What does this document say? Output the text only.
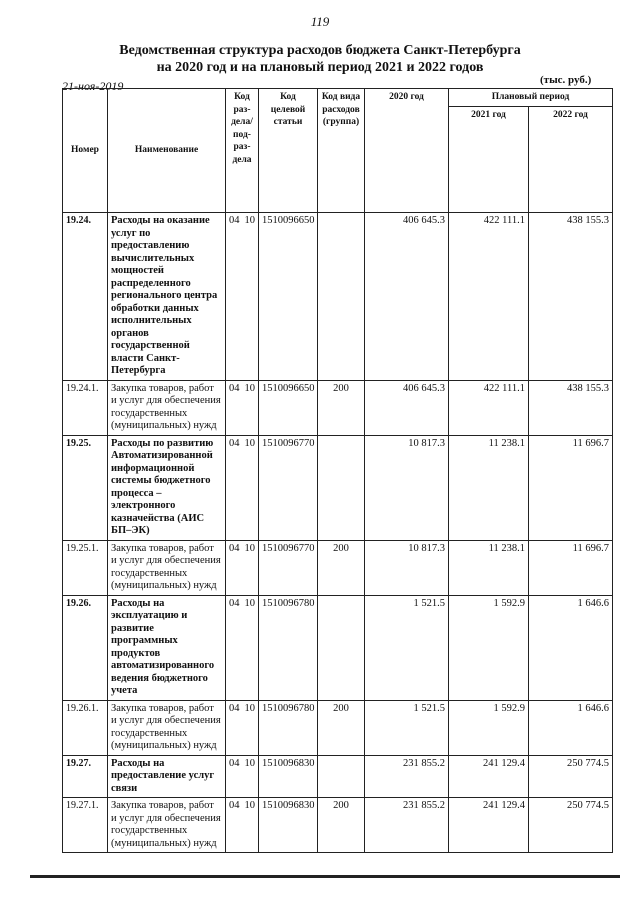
119
Ведомственная структура расходов бюджета Санкт-Петербурга
на 2020 год и на плановый период 2021 и 2022 годов
21-ноя-2019	(тыс. руб.)
Номер	Наименование	Код раз-дела/ под-раз-дела	Код целевой статьи	Код вида расходов (группа)	2020 год	Плановый период	
						2021 год	2022 год
19.24.	Расходы на оказание услуг по предоставлению вычислительных мощностей распределенного регионального центра обработки данных исполнительных органов государственной власти Санкт-Петербурга	04 10	1510096650		406 645.3	422 111.1	438 155.3
19.24.1.	Закупка товаров, работ и услуг для обеспечения государственных (муниципальных) нужд	04 10	1510096650	200	406 645.3	422 111.1	438 155.3
19.25.	Расходы по развитию Автоматизированной информационной системы бюджетного процесса – электронного казначейства (АИС БП–ЭК)	04 10	1510096770		10 817.3	11 238.1	11 696.7
19.25.1.	Закупка товаров, работ и услуг для обеспечения государственных (муниципальных) нужд	04 10	1510096770	200	10 817.3	11 238.1	11 696.7
19.26.	Расходы на эксплуатацию и развитие программных продуктов автоматизированного ведения бюджетного учета	04 10	1510096780		1 521.5	1 592.9	1 646.6
19.26.1.	Закупка товаров, работ и услуг для обеспечения государственных (муниципальных) нужд	04 10	1510096780	200	1 521.5	1 592.9	1 646.6
19.27.	Расходы на предоставление услуг связи	04 10	1510096830		231 855.2	241 129.4	250 774.5
19.27.1.	Закупка товаров, работ и услуг для обеспечения государственных (муниципальных) нужд	04 10	1510096830	200	231 855.2	241 129.4	250 774.5
